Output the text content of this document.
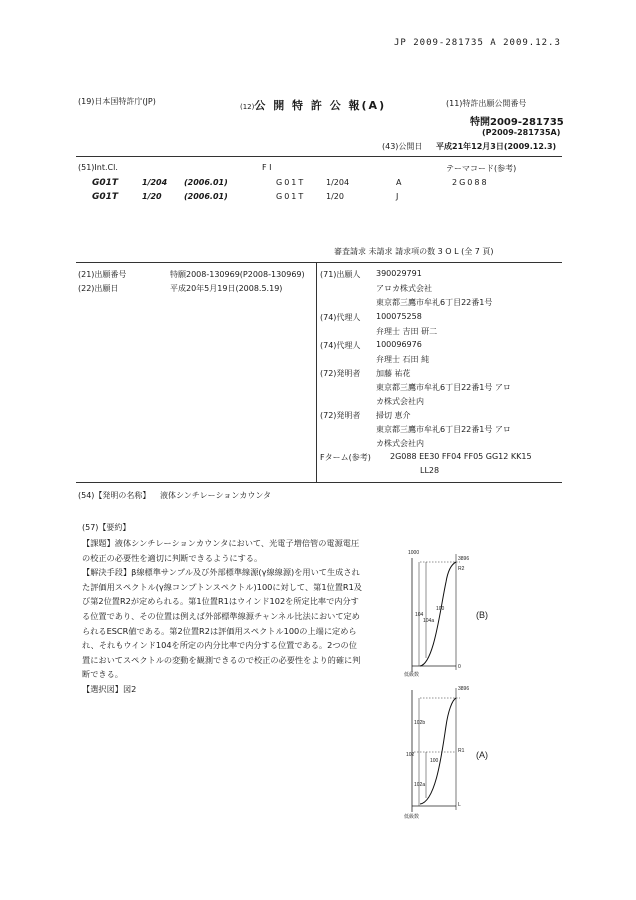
JP 2009-281735 A 2009.12.3
(19)日本国特許庁(JP)
(12)公 開 特 許 公 報(A)	(11)特許出願公開番号
特開2009-281735
(P2009-281735A)
(43)公開日 平成21年12月3日(2009.12.3)
(51)Int.Cl.	F I	テーマコード(参考)
G01T	1/204 (2006.01)	G01T	1/204	A	2G088
G01T	1/20	(2006.01)	G01T	1/20	J
審査請求 未請求 請求項の数 3 O L (全 7 頁)
(21)出願番号	特願2008-130969(P2008-130969)
(22)出願日	平成20年5月19日(2008.5.19)
(71)出願人 390029791
アロカ株式会社
東京都三鷹市牟礼6丁目22番1号
(74)代理人 100075258
弁理士 吉田 研二
(74)代理人 100096976
弁理士 石田 純
(72)発明者 加藤 祐花
東京都三鷹市牟礼6丁目22番1号 アロ
カ株式会社内
(72)発明者 掃切 恵介
東京都三鷹市牟礼6丁目22番1号 アロ
カ株式会社内
Fターム(参考) 2G088 EE30 FF04 FF05 GG12 KK15
LL28
(54)【発明の名称】 液体シンチレーションカウンタ
(57)【要約】

【課題】液体シンチレーションカウンタにおいて、光電子増倍管の電源電圧の校正の必要性を適切に判断できるようにする。

【解決手段】β線標準サンプル及び外部標準線源(γ線線源)を用いて生成された評価用スペクトル(γ線コンプトンスペクトル)100に対して、第1位置R1及び第2位置R2が定められる。第1位置R1はウインド102を所定比率で内分する位置であり、その位置は例えば外部標準線源チャンネル比法において定められるESCR値である。第2位置R2は評価用スペクトル100の上端に定められ、それもウインド104を所定の内分比率で内分する位置である。2つの位置においてスペクトルの変動を観測できるので校正の必要性をより的確に判断できる。

【選択図】図2

1000
104
104a
100
R2
3896
0
低級数
(B)
3896
102b
102
100
102a
R1
L
低級数
(A)
